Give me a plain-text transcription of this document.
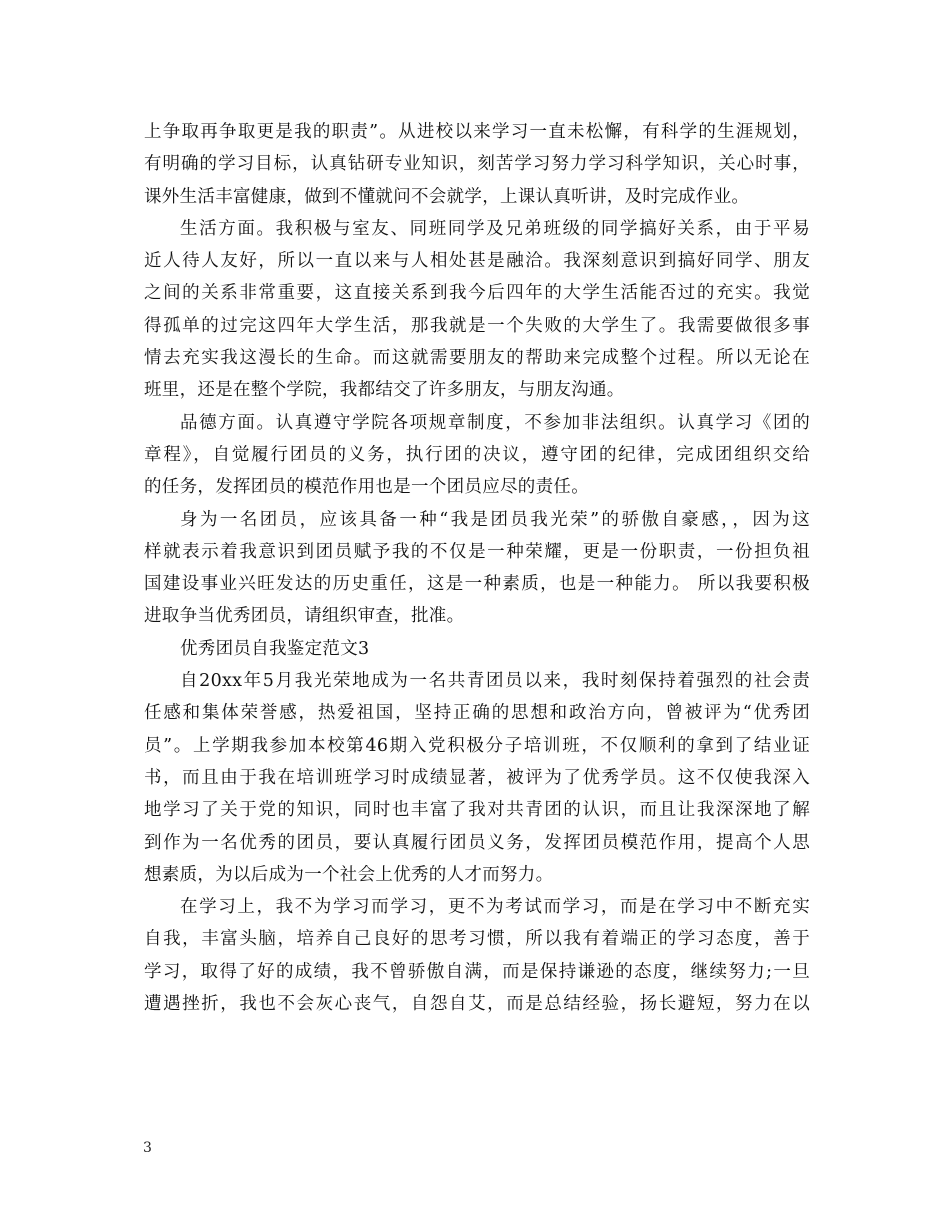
上争取再争取更是我的职责”。从进校以来学习一直未松懈，有科学的生涯规划，
有明确的学习目标，认真钻研专业知识，刻苦学习努力学习科学知识，关心时事，
课外生活丰富健康，做到不懂就问不会就学，上课认真听讲，及时完成作业。
生活方面。我积极与室友、同班同学及兄弟班级的同学搞好关系，由于平易
近人待人友好，所以一直以来与人相处甚是融洽。我深刻意识到搞好同学、朋友
之间的关系非常重要，这直接关系到我今后四年的大学生活能否过的充实。我觉
得孤单的过完这四年大学生活，那我就是一个失败的大学生了。我需要做很多事
情去充实我这漫长的生命。而这就需要朋友的帮助来完成整个过程。所以无论在
班里，还是在整个学院，我都结交了许多朋友，与朋友沟通。
品德方面。认真遵守学院各项规章制度，不参加非法组织。认真学习《团的
章程》，自觉履行团员的义务，执行团的决议，遵守团的纪律，完成团组织交给
的任务，发挥团员的模范作用也是一个团员应尽的责任。
身为一名团员，应该具备一种“我是团员我光荣”的骄傲自豪感，，因为这
样就表示着我意识到团员赋予我的不仅是一种荣耀，更是一份职责，一份担负祖
国建设事业兴旺发达的历史重任，这是一种素质，也是一种能力。 所以我要积极
进取争当优秀团员，请组织审查，批准。
优秀团员自我鉴定范文3
自20xx年5月我光荣地成为一名共青团员以来，我时刻保持着强烈的社会责
任感和集体荣誉感，热爱祖国，坚持正确的思想和政治方向，曾被评为“优秀团
员”。上学期我参加本校第46期入党积极分子培训班，不仅顺利的拿到了结业证
书，而且由于我在培训班学习时成绩显著，被评为了优秀学员。这不仅使我深入
地学习了关于党的知识，同时也丰富了我对共青团的认识，而且让我深深地了解
到作为一名优秀的团员，要认真履行团员义务，发挥团员模范作用，提高个人思
想素质，为以后成为一个社会上优秀的人才而努力。
在学习上，我不为学习而学习，更不为考试而学习，而是在学习中不断充实
自我，丰富头脑，培养自己良好的思考习惯，所以我有着端正的学习态度，善于
学习，取得了好的成绩，我不曾骄傲自满，而是保持谦逊的态度，继续努力;一旦
遭遇挫折，我也不会灰心丧气，自怨自艾，而是总结经验，扬长避短，努力在以
3
